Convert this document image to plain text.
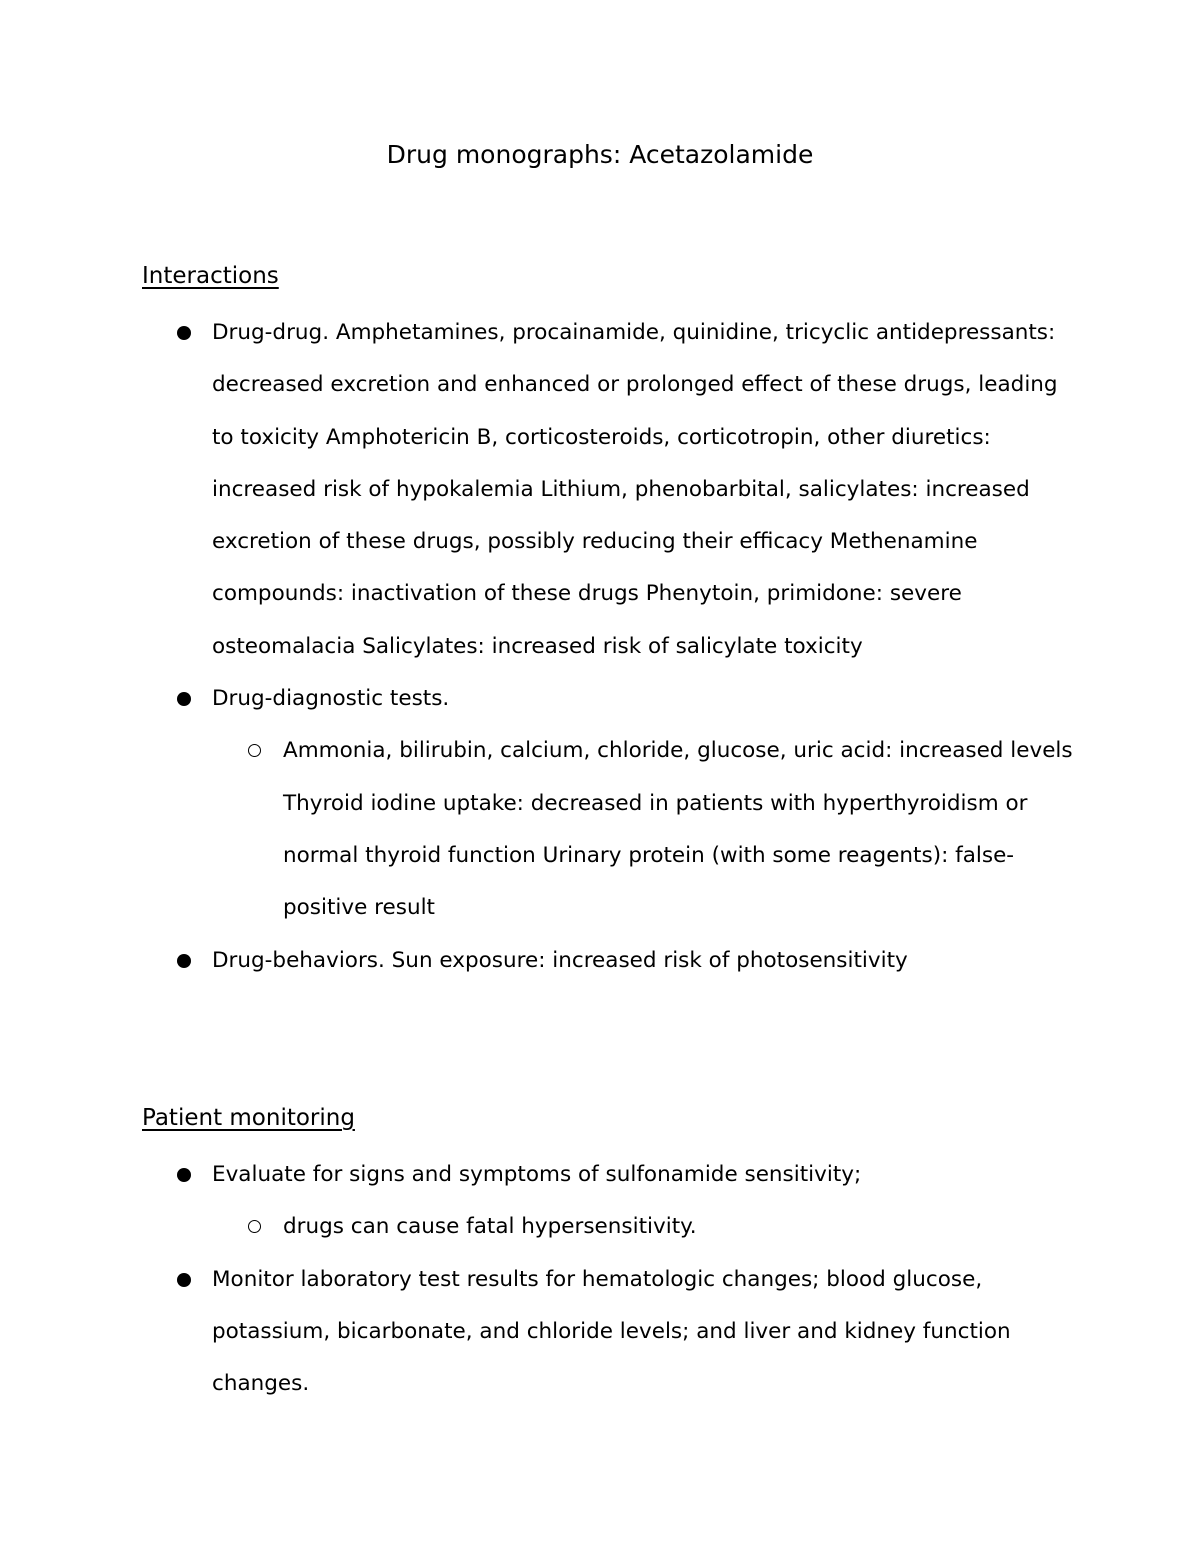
Drug monographs: Acetazolamide
Interactions
Drug-drug. Amphetamines, procainamide, quinidine, tricyclic antidepressants: decreased excretion and enhanced or prolonged effect of these drugs, leading to toxicity Amphotericin B, corticosteroids, corticotropin, other diuretics: increased risk of hypokalemia Lithium, phenobarbital, salicylates: increased excretion of these drugs, possibly reducing their efficacy Methenamine compounds: inactivation of these drugs Phenytoin, primidone: severe osteomalacia Salicylates: increased risk of salicylate toxicity
Drug-diagnostic tests.
Ammonia, bilirubin, calcium, chloride, glucose, uric acid: increased levels Thyroid iodine uptake: decreased in patients with hyperthyroidism or normal thyroid function Urinary protein (with some reagents): false-positive result
Drug-behaviors. Sun exposure: increased risk of photosensitivity
Patient monitoring
Evaluate for signs and symptoms of sulfonamide sensitivity;
drugs can cause fatal hypersensitivity.
Monitor laboratory test results for hematologic changes; blood glucose, potassium, bicarbonate, and chloride levels; and liver and kidney function changes.
